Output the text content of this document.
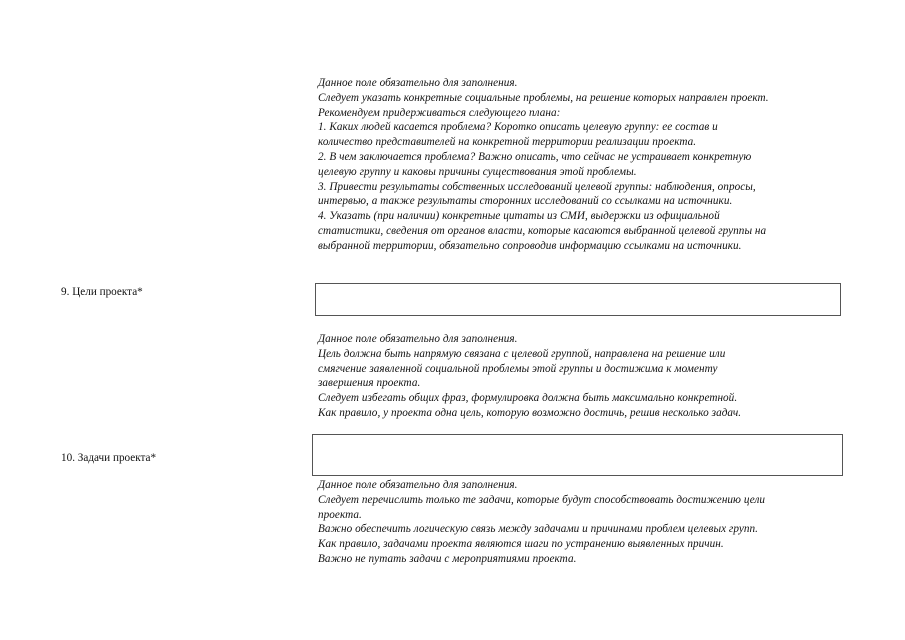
Данное поле обязательно для заполнения.
Следует указать конкретные социальные проблемы, на решение которых направлен проект.
Рекомендуем придерживаться следующего плана:
1. Каких людей касается проблема? Коротко описать целевую группу: ее состав и
количество представителей на конкретной территории реализации проекта.
2. В чем заключается проблема? Важно описать, что сейчас не устраивает конкретную
целевую группу и каковы причины существования этой проблемы.
3. Привести результаты собственных исследований целевой группы: наблюдения, опросы,
интервью, а также результаты сторонних исследований со ссылками на источники.
4. Указать (при наличии) конкретные цитаты из СМИ, выдержки из официальной
статистики, сведения от органов власти, которые касаются выбранной целевой группы на
выбранной территории, обязательно сопроводив информацию ссылками на источники.
9. Цели проекта*
Данное поле обязательно для заполнения.
Цель должна быть напрямую связана с целевой группой, направлена на решение или
смягчение заявленной социальной проблемы этой группы и достижима к моменту
завершения проекта.
Следует избегать общих фраз, формулировка должна быть максимально конкретной.
Как правило, у проекта одна цель, которую возможно достичь, решив несколько задач.
10. Задачи проекта*
Данное поле обязательно для заполнения.
Следует перечислить только те задачи, которые будут способствовать достижению цели
проекта.
Важно обеспечить логическую связь между задачами и причинами проблем целевых групп.
Как правило, задачами проекта являются шаги по устранению выявленных причин.
Важно не путать задачи с мероприятиями проекта.
